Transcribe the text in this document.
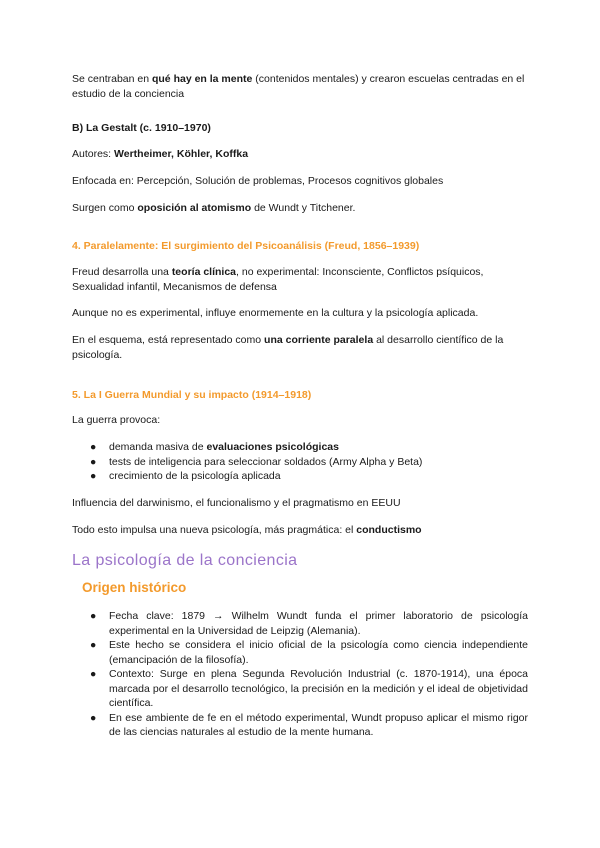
Se centraban en qué hay en la mente (contenidos mentales) y crearon escuelas centradas en el estudio de la conciencia
B) La Gestalt (c. 1910–1970)
Autores: Wertheimer, Köhler, Koffka
Enfocada en: Percepción, Solución de problemas, Procesos cognitivos globales
Surgen como oposición al atomismo de Wundt y Titchener.
4. Paralelamente: El surgimiento del Psicoanálisis (Freud, 1856–1939)
Freud desarrolla una teoría clínica, no experimental: Inconsciente, Conflictos psíquicos, Sexualidad infantil, Mecanismos de defensa
Aunque no es experimental, influye enormemente en la cultura y la psicología aplicada.
En el esquema, está representado como una corriente paralela al desarrollo científico de la psicología.
5. La I Guerra Mundial y su impacto (1914–1918)
La guerra provoca:
● demanda masiva de evaluaciones psicológicas
● tests de inteligencia para seleccionar soldados (Army Alpha y Beta)
● crecimiento de la psicología aplicada
Influencia del darwinismo, el funcionalismo y el pragmatismo en EEUU
Todo esto impulsa una nueva psicología, más pragmática: el conductismo
La psicología de la conciencia
Origen histórico
● Fecha clave: 1879 → Wilhelm Wundt funda el primer laboratorio de psicología experimental en la Universidad de Leipzig (Alemania).
● Este hecho se considera el inicio oficial de la psicología como ciencia independiente (emancipación de la filosofía).
● Contexto: Surge en plena Segunda Revolución Industrial (c. 1870-1914), una época marcada por el desarrollo tecnológico, la precisión en la medición y el ideal de objetividad científica.
● En ese ambiente de fe en el método experimental, Wundt propuso aplicar el mismo rigor de las ciencias naturales al estudio de la mente humana.
